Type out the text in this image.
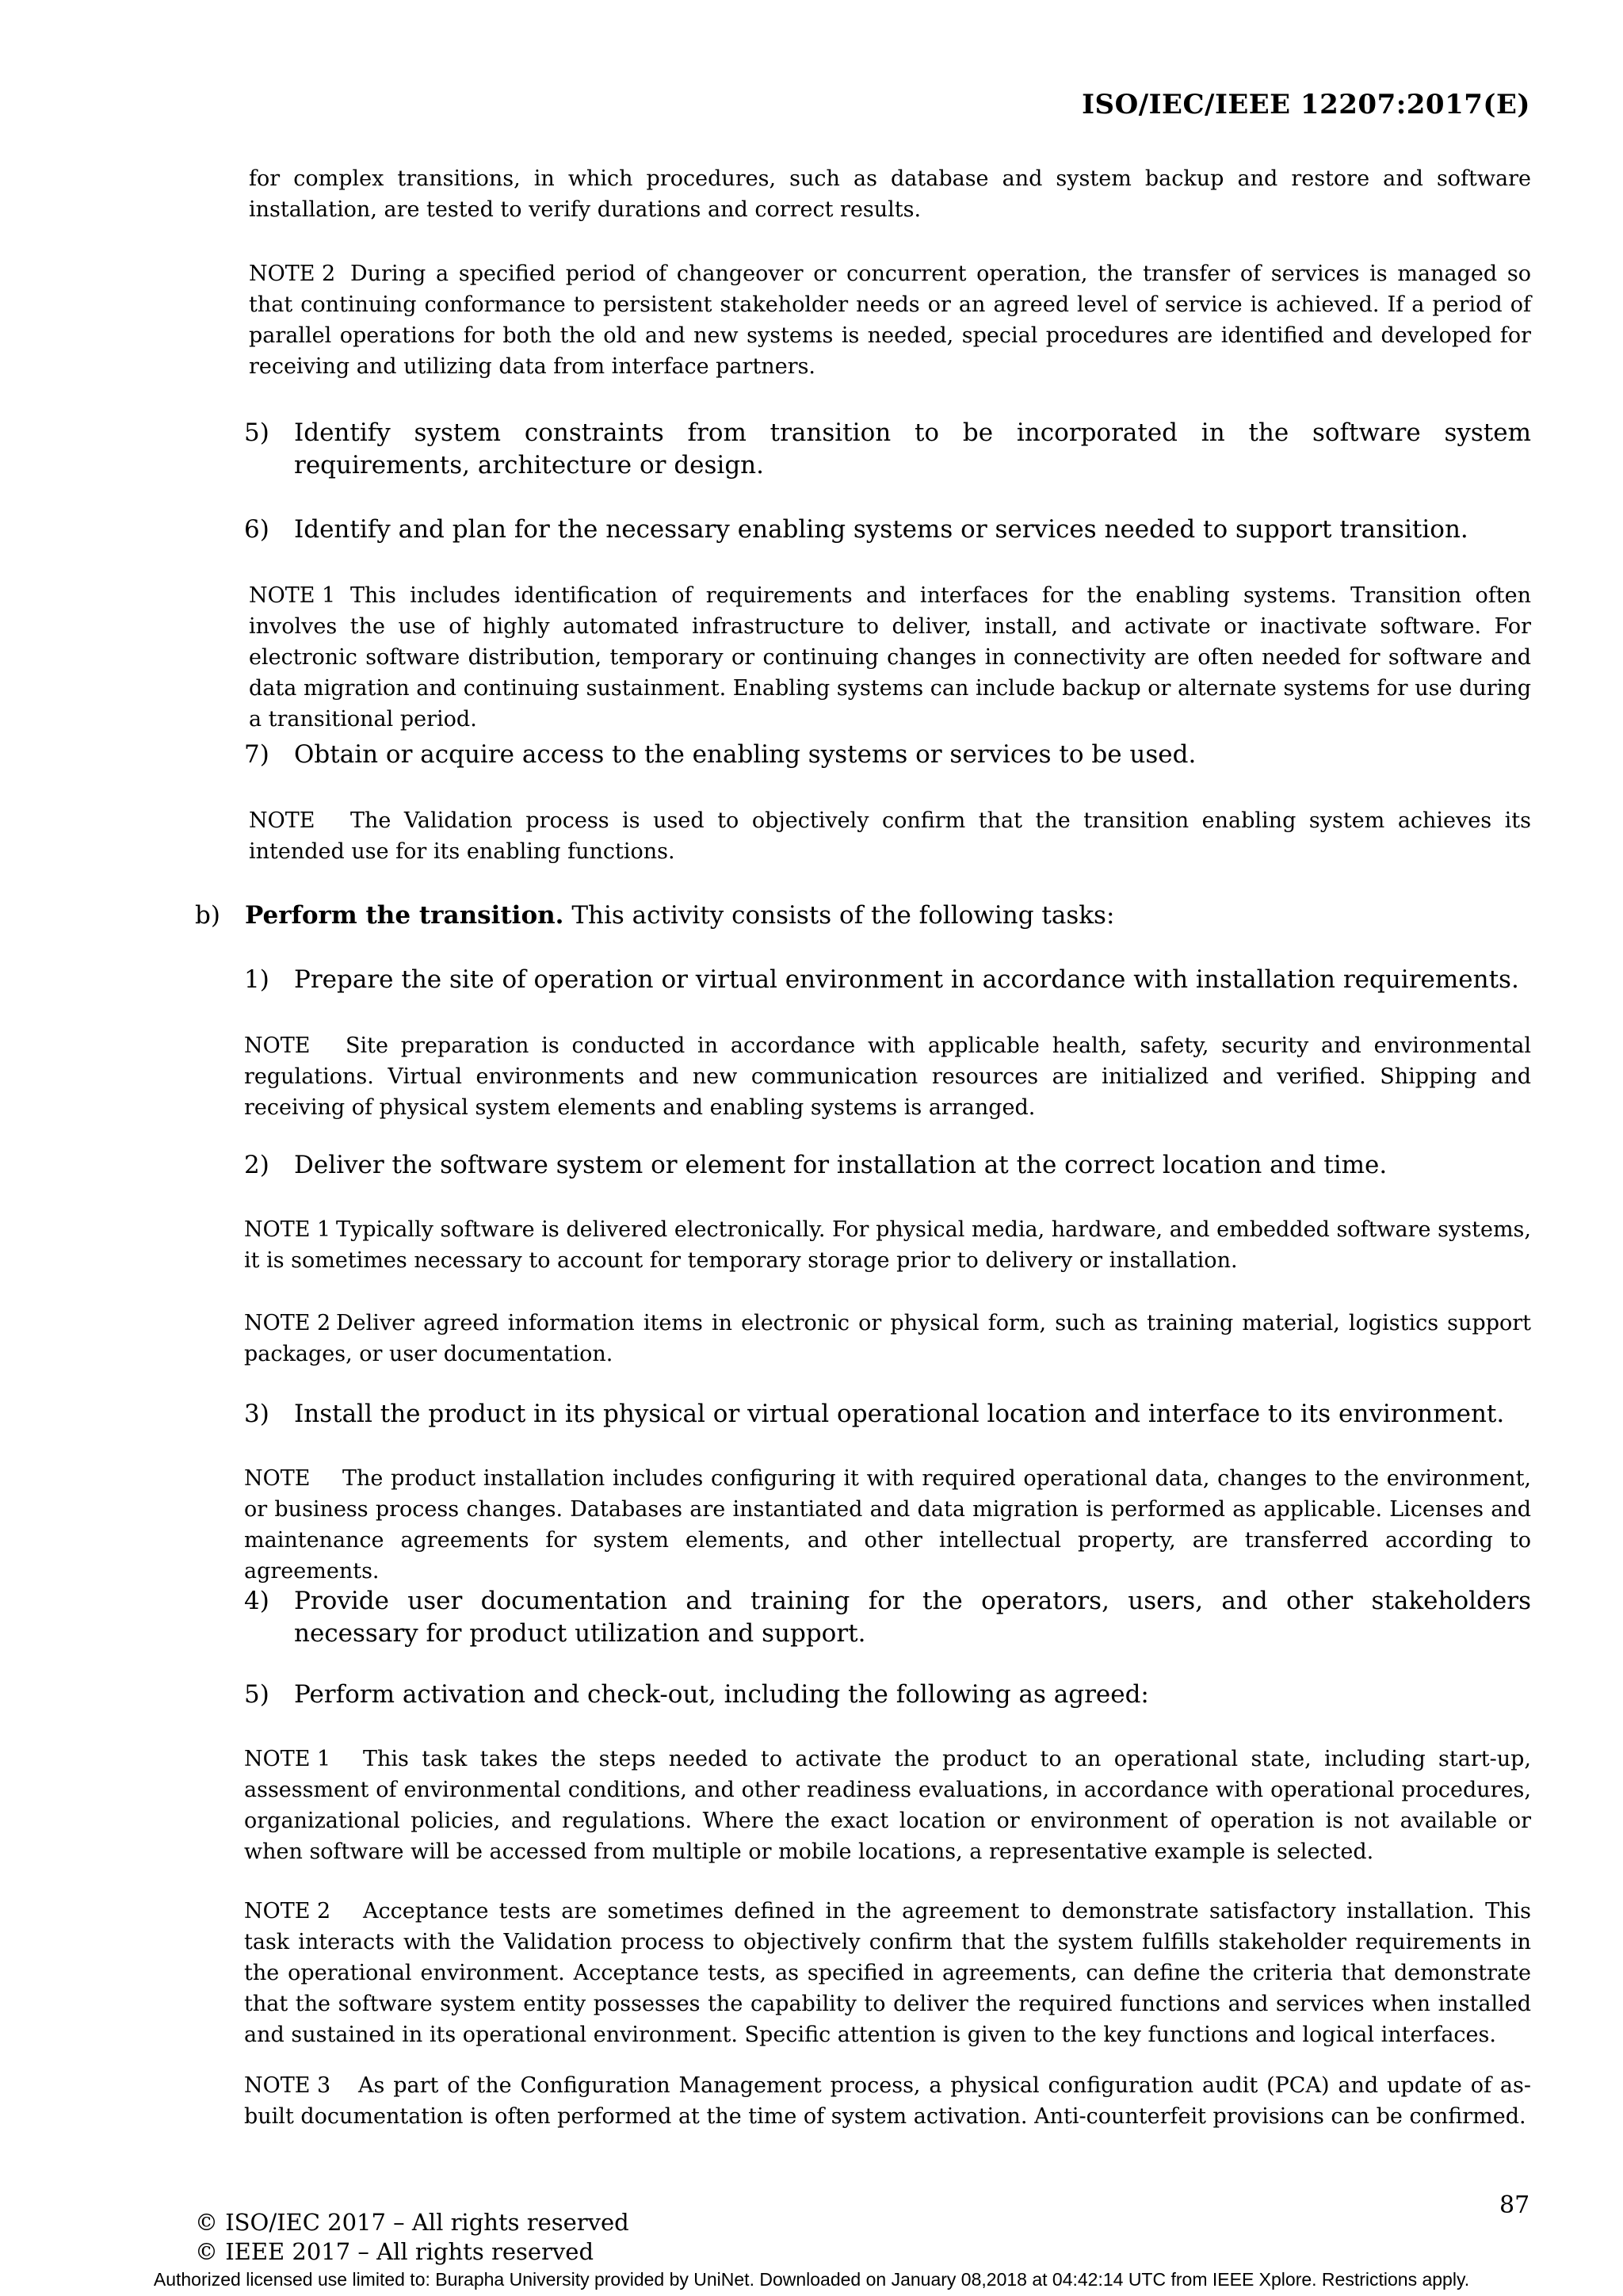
ISO/IEC/IEEE 12207:2017(E)

for complex transitions, in which procedures, such as database and system backup and restore and software installation, are tested to verify durations and correct results.

NOTE 2 During a specified period of changeover or concurrent operation, the transfer of services is managed so that continuing conformance to persistent stakeholder needs or an agreed level of service is achieved. If a period of parallel operations for both the old and new systems is needed, special procedures are identified and developed for receiving and utilizing data from interface partners.

5)	Identify system constraints from transition to be incorporated in the software system requirements, architecture or design.
6)	Identify and plan for the necessary enabling systems or services needed to support transition.

NOTE 1 This includes identification of requirements and interfaces for the enabling systems. Transition often involves the use of highly automated infrastructure to deliver, install, and activate or inactivate software. For electronic software distribution, temporary or continuing changes in connectivity are often needed for software and data migration and continuing sustainment. Enabling systems can include backup or alternate systems for use during a transitional period.

7)	Obtain or acquire access to the enabling systems or services to be used.

NOTE The Validation process is used to objectively confirm that the transition enabling system achieves its intended use for its enabling functions.

b)	Perform the transition. This activity consists of the following tasks:
1)	Prepare the site of operation or virtual environment in accordance with installation requirements.

NOTE Site preparation is conducted in accordance with applicable health, safety, security and environmental regulations. Virtual environments and new communication resources are initialized and verified. Shipping and receiving of physical system elements and enabling systems is arranged.

2)	Deliver the software system or element for installation at the correct location and time.

NOTE 1 Typically software is delivered electronically. For physical media, hardware, and embedded software systems, it is sometimes necessary to account for temporary storage prior to delivery or installation.

NOTE 2 Deliver agreed information items in electronic or physical form, such as training material, logistics support packages, or user documentation.

3)	Install the product in its physical or virtual operational location and interface to its environment.

NOTE The product installation includes configuring it with required operational data, changes to the environment, or business process changes. Databases are instantiated and data migration is performed as applicable. Licenses and maintenance agreements for system elements, and other intellectual property, are transferred according to agreements.

4)	Provide user documentation and training for the operators, users, and other stakeholders necessary for product utilization and support.
5)	Perform activation and check-out, including the following as agreed:

NOTE 1 This task takes the steps needed to activate the product to an operational state, including start-up, assessment of environmental conditions, and other readiness evaluations, in accordance with operational procedures, organizational policies, and regulations. Where the exact location or environment of operation is not available or when software will be accessed from multiple or mobile locations, a representative example is selected.

NOTE 2 Acceptance tests are sometimes defined in the agreement to demonstrate satisfactory installation. This task interacts with the Validation process to objectively confirm that the system fulfills stakeholder requirements in the operational environment. Acceptance tests, as specified in agreements, can define the criteria that demonstrate that the software system entity possesses the capability to deliver the required functions and services when installed and sustained in its operational environment. Specific attention is given to the key functions and logical interfaces.

NOTE 3 As part of the Configuration Management process, a physical configuration audit (PCA) and update of as-built documentation is often performed at the time of system activation. Anti-counterfeit provisions can be confirmed.

87
© ISO/IEC 2017 – All rights reserved
© IEEE 2017 – All rights reserved
Authorized licensed use limited to: Burapha University provided by UniNet. Downloaded on January 08,2018 at 04:42:14 UTC from IEEE Xplore. Restrictions apply.
